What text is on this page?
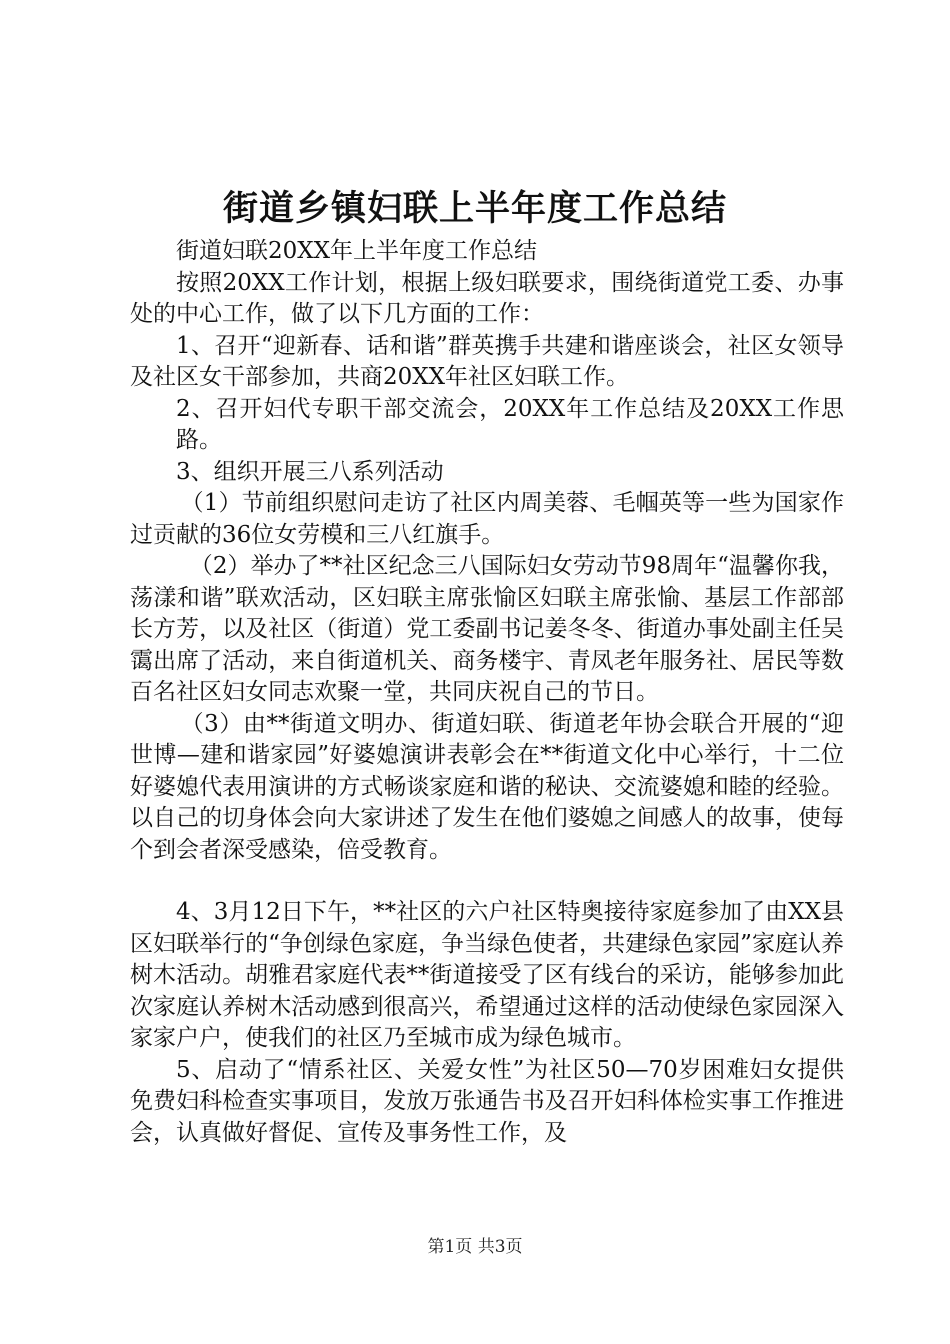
街道乡镇妇联上半年度工作总结

街道妇联20XX年上半年度工作总结

按照20XX工作计划，根据上级妇联要求，围绕街道党工委、办事处的中心工作，做了以下几方面的工作：

1、召开“迎新春、话和谐”群英携手共建和谐座谈会，社区女领导及社区女干部参加，共商20XX年社区妇联工作。

2、召开妇代专职干部交流会，20XX年工作总结及20XX工作思路。

3、组织开展三八系列活动

（1）节前组织慰问走访了社区内周美蓉、毛帼英等一些为国家作过贡献的36位女劳模和三八红旗手。

（2）举办了**社区纪念三八国际妇女劳动节98周年“温馨你我，荡漾和谐”联欢活动，区妇联主席张愉区妇联主席张愉、基层工作部部长方芳，以及社区（街道）党工委副书记姜冬冬、街道办事处副主任吴霭出席了活动，来自街道机关、商务楼宇、青凤老年服务社、居民等数百名社区妇女同志欢聚一堂，共同庆祝自己的节日。

（3）由**街道文明办、街道妇联、街道老年协会联合开展的“迎世博—建和谐家园”好婆媳演讲表彰会在**街道文化中心举行，十二位好婆媳代表用演讲的方式畅谈家庭和谐的秘诀、交流婆媳和睦的经验。以自己的切身体会向大家讲述了发生在他们婆媳之间感人的故事，使每个到会者深受感染，倍受教育。

4、3月12日下午，**社区的六户社区特奥接待家庭参加了由XX县区妇联举行的“争创绿色家庭，争当绿色使者，共建绿色家园”家庭认养树木活动。胡雅君家庭代表**街道接受了区有线台的采访，能够参加此次家庭认养树木活动感到很高兴，希望通过这样的活动使绿色家园深入家家户户，使我们的社区乃至城市成为绿色城市。

5、启动了“情系社区、关爱女性”为社区50—70岁困难妇女提供免费妇科检查实事项目，发放万张通告书及召开妇科体检实事工作推进会，认真做好督促、宣传及事务性工作，及

第1页 共3页
